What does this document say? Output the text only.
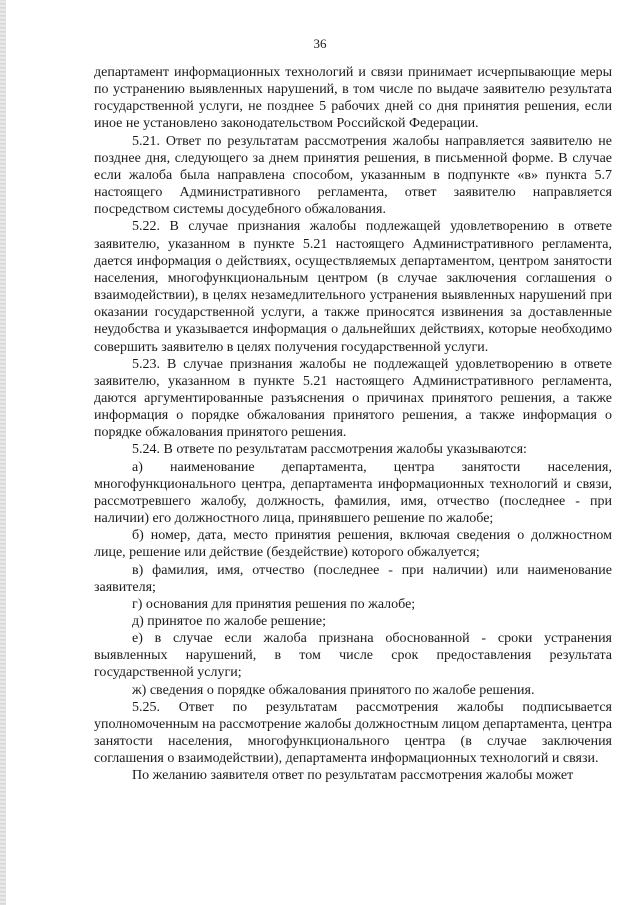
36

департамент информационных технологий и связи принимает исчерпывающие меры по устранению выявленных нарушений, в том числе по выдаче заявителю результата государственной услуги, не позднее 5 рабочих дней со дня принятия решения, если иное не установлено законодательством Российской Федерации.

5.21. Ответ по результатам рассмотрения жалобы направляется заявителю не позднее дня, следующего за днем принятия решения, в письменной форме. В случае если жалоба была направлена способом, указанным в подпункте «в» пункта 5.7 настоящего Административного регламента, ответ заявителю направляется посредством системы досудебного обжалования.

5.22. В случае признания жалобы подлежащей удовлетворению в ответе заявителю, указанном в пункте 5.21 настоящего Административного регламента, дается информация о действиях, осуществляемых департаментом, центром занятости населения, многофункциональным центром (в случае заключения соглашения о взаимодействии), в целях незамедлительного устранения выявленных нарушений при оказании государственной услуги, а также приносятся извинения за доставленные неудобства и указывается информация о дальнейших действиях, которые необходимо совершить заявителю в целях получения государственной услуги.

5.23. В случае признания жалобы не подлежащей удовлетворению в ответе заявителю, указанном в пункте 5.21 настоящего Административного регламента, даются аргументированные разъяснения о причинах принятого решения, а также информация о порядке обжалования принятого решения, а также информация о порядке обжалования принятого решения.

5.24. В ответе по результатам рассмотрения жалобы указываются:

а) наименование департамента, центра занятости населения, многофункционального центра, департамента информационных технологий и связи, рассмотревшего жалобу, должность, фамилия, имя, отчество (последнее - при наличии) его должностного лица, принявшего решение по жалобе;

б) номер, дата, место принятия решения, включая сведения о должностном лице, решение или действие (бездействие) которого обжалуется;

в) фамилия, имя, отчество (последнее - при наличии) или наименование заявителя;

г) основания для принятия решения по жалобе;

д) принятое по жалобе решение;

е) в случае если жалоба признана обоснованной - сроки устранения выявленных нарушений, в том числе срок предоставления результата государственной услуги;

ж) сведения о порядке обжалования принятого по жалобе решения.

5.25. Ответ по результатам рассмотрения жалобы подписывается уполномоченным на рассмотрение жалобы должностным лицом департамента, центра занятости населения, многофункционального центра (в случае заключения соглашения о взаимодействии), департамента информационных технологий и связи.

По желанию заявителя ответ по результатам рассмотрения жалобы может
